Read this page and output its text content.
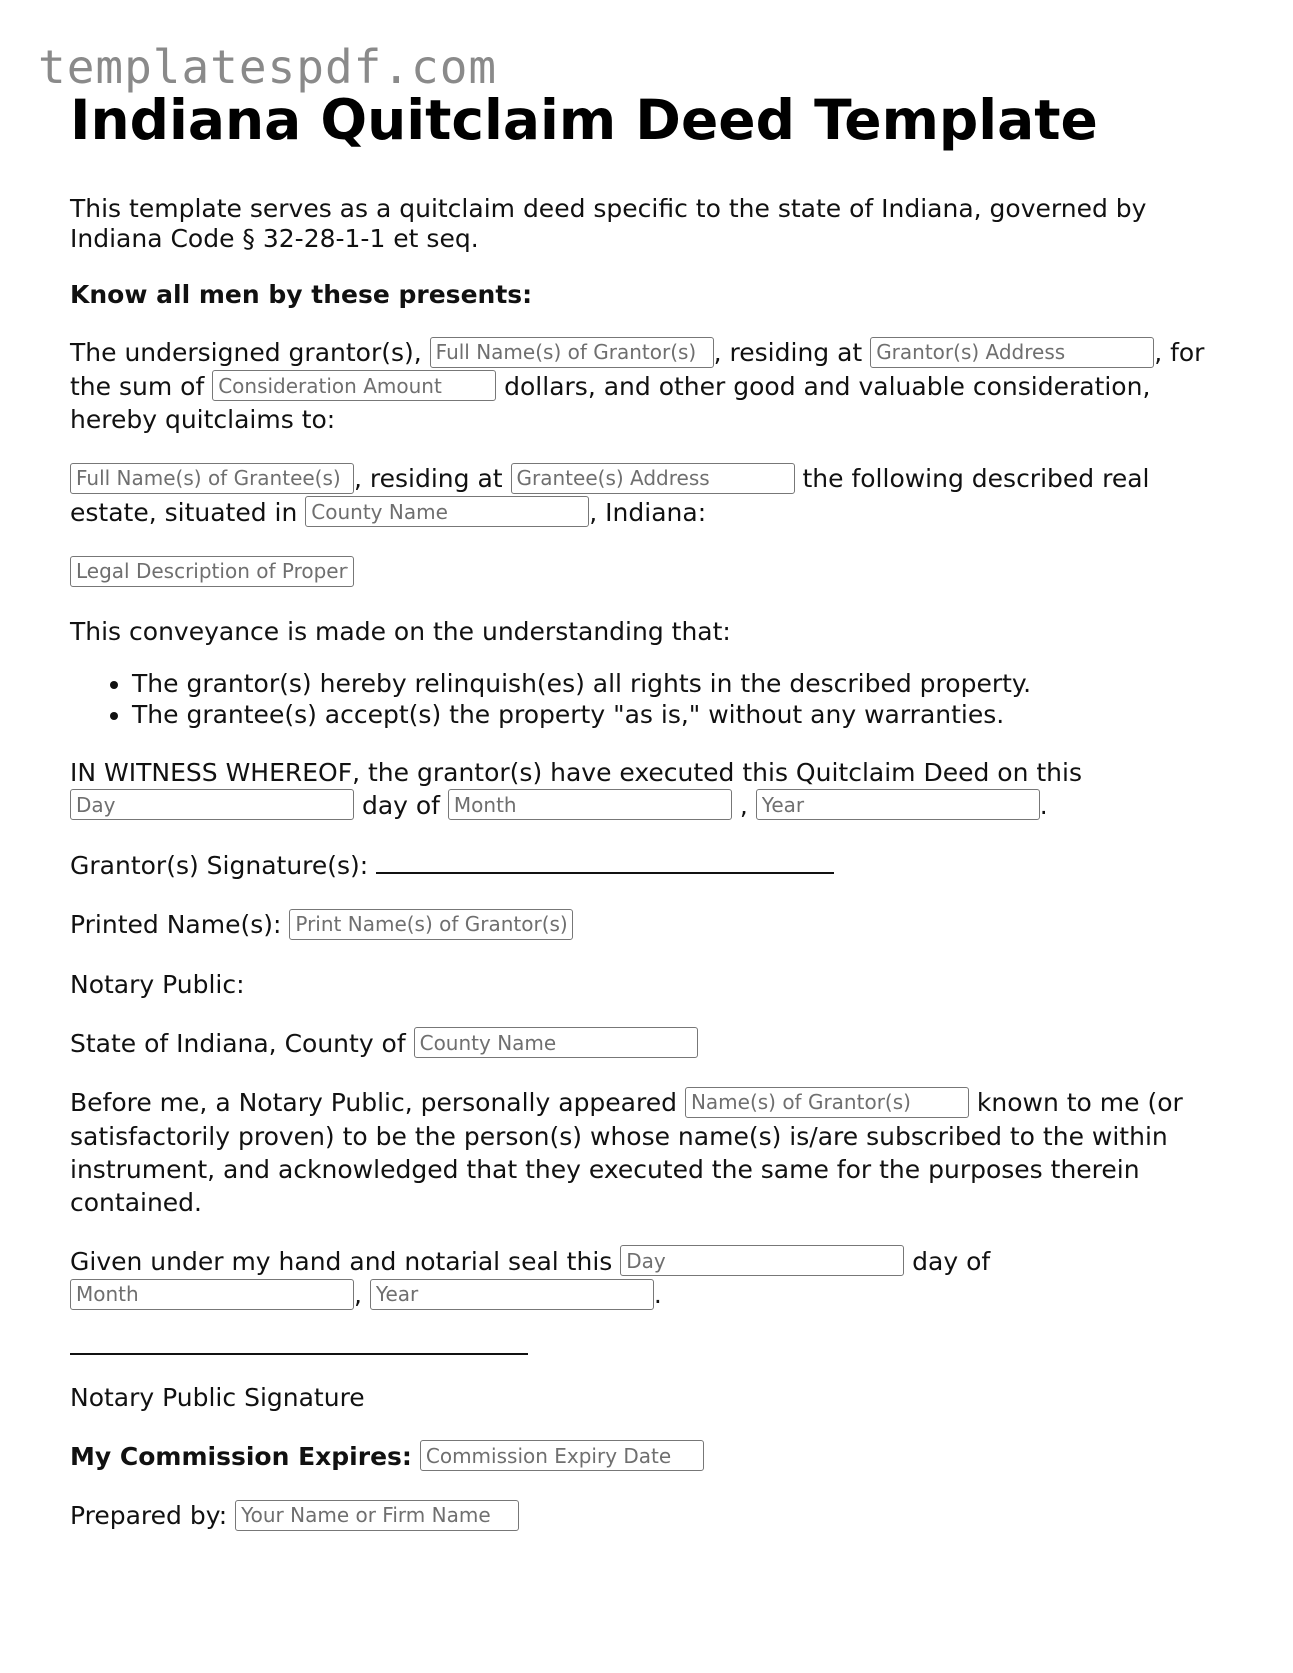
templatespdf.com
Indiana Quitclaim Deed Template

This template serves as a quitclaim deed specific to the state of Indiana, governed by Indiana Code § 32-28-1-1 et seq.

Know all men by these presents:

The undersigned grantor(s), Full Name(s) of Grantor(s)	, residing at Grantor(s) Address	, for the sum of Consideration Amount	dollars, and other good and valuable consideration, hereby quitclaims to:

Full Name(s) of Grantee(s), residing at Grantee(s) Address	the following described real estate, situated in County Name	, Indiana:

Legal Description of Property

This conveyance is made on the understanding that:

• The grantor(s) hereby relinquish(es) all rights in the described property.
• The grantee(s) accept(s) the property "as is," without any warranties.

IN WITNESS WHEREOF, the grantor(s) have executed this Quitclaim Deed on this Day day of Month	, Year	.

Grantor(s) Signature(s):

Printed Name(s): Print Name(s) of Grantor(s)

Notary Public:

State of Indiana, County of County Name

Before me, a Notary Public, personally appeared Name(s) of Grantor(s)	known to me (or satisfactorily proven) to be the person(s) whose name(s) is/are subscribed to the within instrument, and acknowledged that they executed the same for the purposes therein contained.

Given under my hand and notarial seal this Day	day of Month, Year	.

Notary Public Signature

My Commission Expires: Commission Expiry Date

Prepared by: Your Name or Firm Name
